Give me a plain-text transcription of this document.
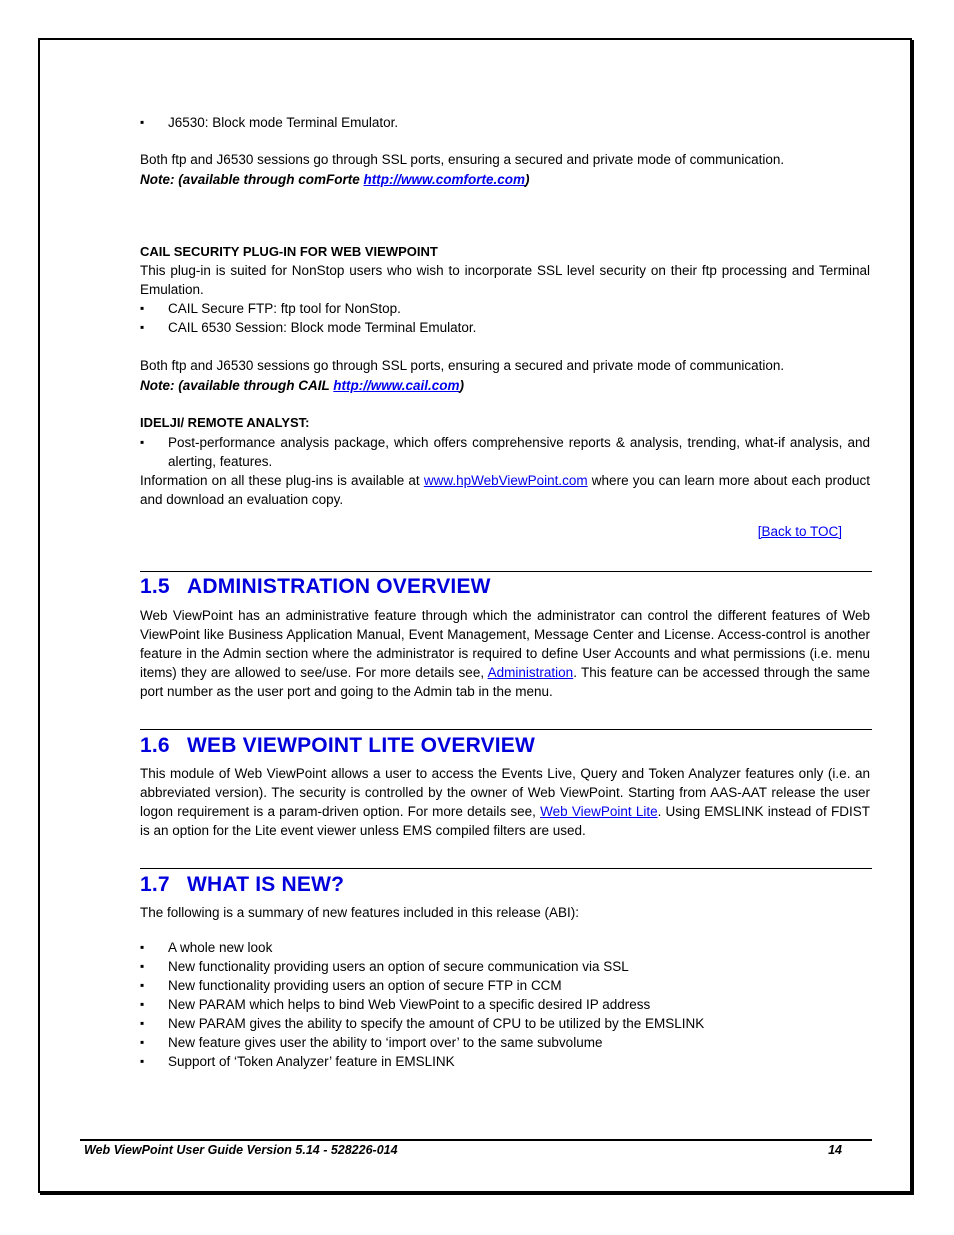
▪ J6530: Block mode Terminal Emulator.

Both ftp and J6530 sessions go through SSL ports, ensuring a secured and private mode of communication.

Note: (available through comForte http://www.comforte.com)

CAIL SECURITY PLUG-IN FOR WEB VIEWPOINT

This plug-in is suited for NonStop users who wish to incorporate SSL level security on their ftp processing and Terminal Emulation.

▪ CAIL Secure FTP: ftp tool for NonStop.
▪ CAIL 6530 Session: Block mode Terminal Emulator.

Both ftp and J6530 sessions go through SSL ports, ensuring a secured and private mode of communication.

Note: (available through CAIL http://www.cail.com)

IDELJI/ REMOTE ANALYST:

▪ Post-performance analysis package, which offers comprehensive reports & analysis, trending, what-if analysis, and alerting, features.

Information on all these plug-ins is available at www.hpWebViewPoint.com where you can learn more about each product and download an evaluation copy.

[Back to TOC]
1.5 ADMINISTRATION OVERVIEW

Web ViewPoint has an administrative feature through which the administrator can control the different features of Web ViewPoint like Business Application Manual, Event Management, Message Center and License. Access-control is another feature in the Admin section where the administrator is required to define User Accounts and what permissions (i.e. menu items) they are allowed to see/use. For more details see, Administration. This feature can be accessed through the same port number as the user port and going to the Admin tab in the menu.

1.6 WEB VIEWPOINT LITE OVERVIEW

This module of Web ViewPoint allows a user to access the Events Live, Query and Token Analyzer features only (i.e. an abbreviated version). The security is controlled by the owner of Web ViewPoint. Starting from AAS-AAT release the user logon requirement is a param-driven option. For more details see, Web ViewPoint Lite. Using EMSLINK instead of FDIST is an option for the Lite event viewer unless EMS compiled filters are used.

1.7 WHAT IS NEW?

The following is a summary of new features included in this release (ABI):

▪ A whole new look
▪ New functionality providing users an option of secure communication via SSL
▪ New functionality providing users an option of secure FTP in CCM
▪ New PARAM which helps to bind Web ViewPoint to a specific desired IP address
▪ New PARAM gives the ability to specify the amount of CPU to be utilized by the EMSLINK
▪ New feature gives user the ability to ‘import over’ to the same subvolume
▪ Support of ‘Token Analyzer’ feature in EMSLINK
Web ViewPoint User Guide Version 5.14 - 528226-014	14
